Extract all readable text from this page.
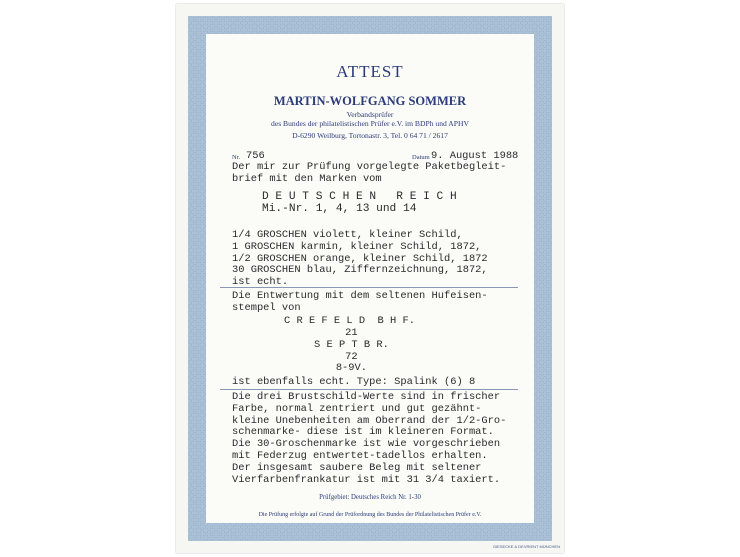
ATTEST
MARTIN-WOLFGANG SOMMER
Verbandsprüfer
des Bundes der philatelistischen Prüfer e.V. im BDPh und APHV
D-6290 Weilburg, Tortonastr. 3, Tel. 0 64 71 / 2617
Nr. 756	Datum 9. August 1988
Der mir zur Prüfung vorgelegte Paketbegleit-
brief mit den Marken vom
D E U T S C H E N   R E I C H
Mi.-Nr. 1, 4, 13 und 14
1/4 GROSCHEN violett, kleiner Schild,
1 GROSCHEN karmin, kleiner Schild, 1872,
1/2 GROSCHEN orange, kleiner Schild, 1872
30 GROSCHEN blau, Ziffernzeichnung, 1872,
ist echt.
Die Entwertung mit dem seltenen Hufeisen-
stempel von
C R E F E L D  B H F.
21
S E P T B R.
72
8-9V.
ist ebenfalls echt. Type: Spalink (6) 8
Die drei Brustschild-Werte sind in frischer
Farbe, normal zentriert und gut gezähnt-
kleine Unebenheiten am Oberrand der 1/2-Gro-
schenmarke- diese ist im kleineren Format.
Die 30-Groschenmarke ist wie vorgeschrieben
mit Federzug entwertet-tadellos erhalten.
Der insgesamt saubere Beleg mit seltener
Vierfarbenfrankatur ist mit 31 3/4 taxiert.
Prüfgebiet: Deutsches Reich Nr. 1-30
Die Prüfung erfolgte auf Grund der Prüfordnung des Bundes der Philatelistischen Prüfer e.V.
GIESECKE & DEVRIENT MÜNCHEN
